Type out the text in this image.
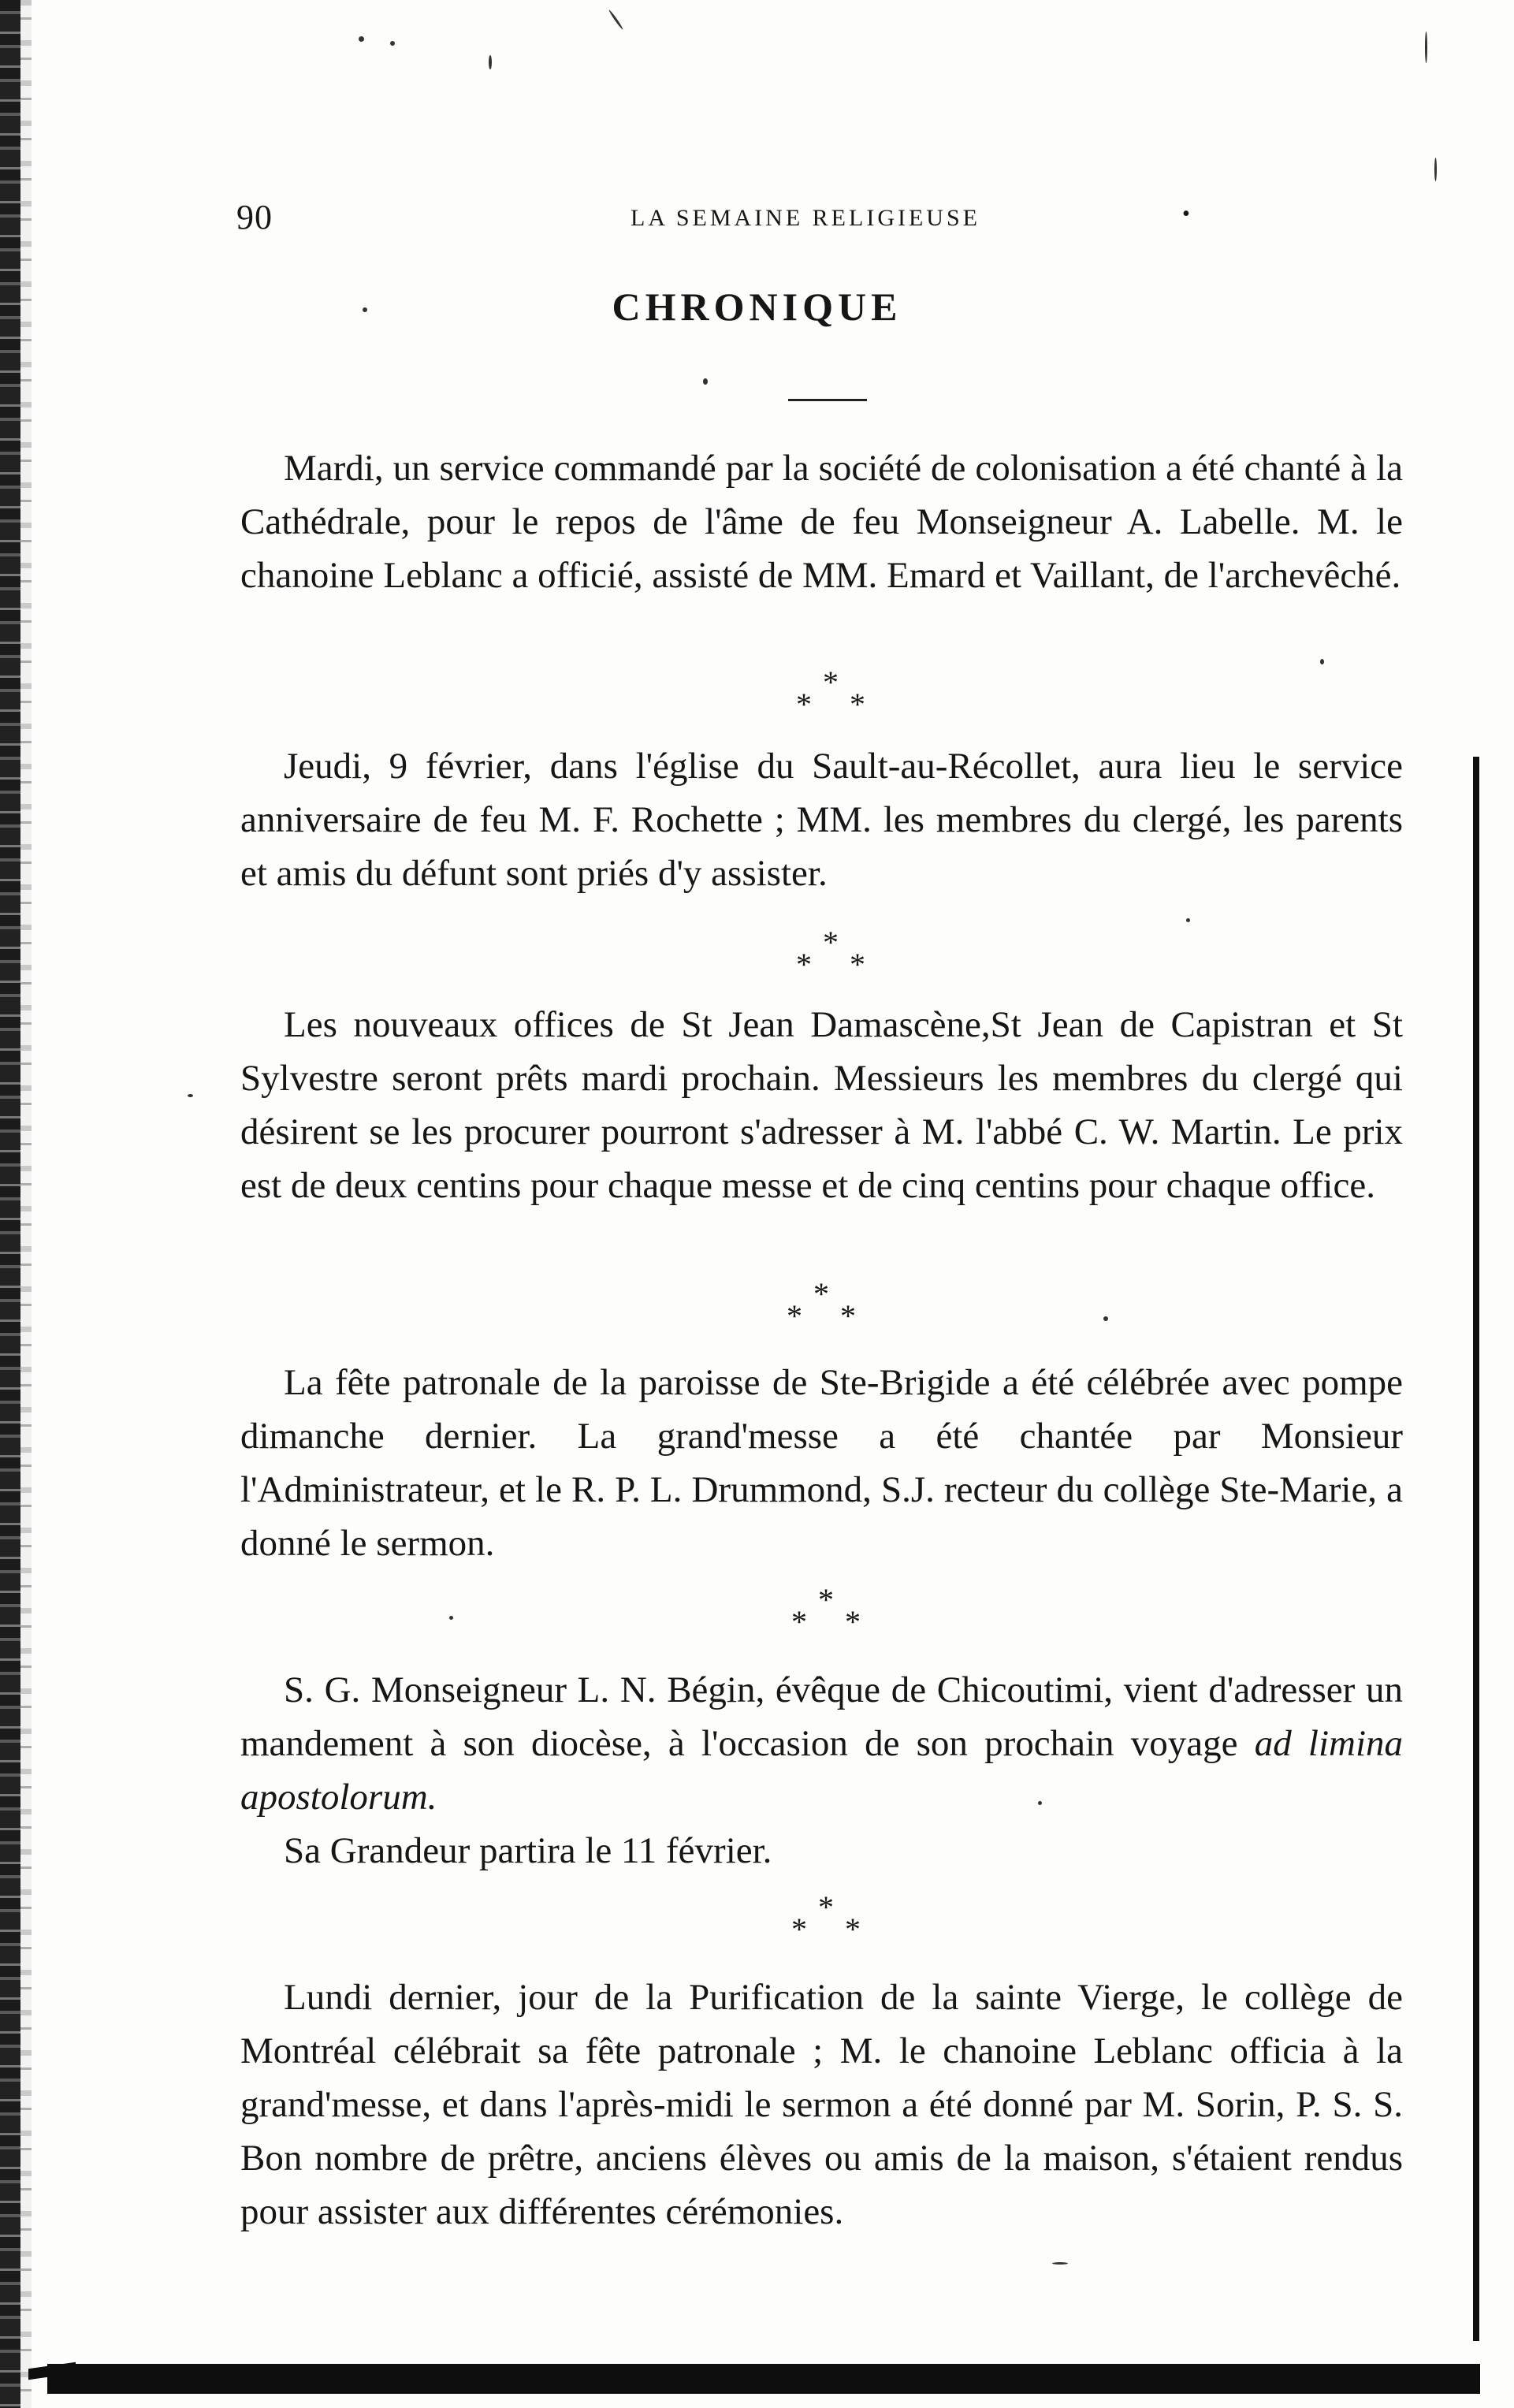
90	LA SEMAINE RELIGIEUSE	•
CHRONIQUE

Mardi, un service commandé par la société de colonisation a été chanté à la Cathédrale, pour le repos de l'âme de feu Monseigneur A. Labelle. M. le chanoine Leblanc a officié, assisté de MM. Emard et Vaillant, de l'archevêché.

*
* *

Jeudi, 9 février, dans l'église du Sault-au-Récollet, aura lieu le service anniversaire de feu M. F. Rochette ; MM. les membres du clergé, les parents et amis du défunt sont priés d'y assister.

*
* *

Les nouveaux offices de St Jean Damascène,St Jean de Capistran et St Sylvestre seront prêts mardi prochain. Messieurs les membres du clergé qui désirent se les procurer pourront s'adresser à M. l'abbé C. W. Martin. Le prix est de deux centins pour chaque messe et de cinq centins pour chaque office.

*
* *

La fête patronale de la paroisse de Ste-Brigide a été célébrée avec pompe dimanche dernier. La grand'messe a été chantée par Monsieur l'Administrateur, et le R. P. L. Drummond, S.J. recteur du collège Ste-Marie, a donné le sermon.

*
* *

S. G. Monseigneur L. N. Bégin, évêque de Chicoutimi, vient d'adresser un mandement à son diocèse, à l'occasion de son prochain voyage ad limina apostolorum.

Sa Grandeur partira le 11 février.

*
* *

Lundi dernier, jour de la Purification de la sainte Vierge, le collège de Montréal célébrait sa fête patronale ; M. le chanoine Leblanc officia à la grand'messe, et dans l'après-midi le sermon a été donné par M. Sorin, P. S. S. Bon nombre de prêtre, anciens élèves ou amis de la maison, s'étaient rendus pour assister aux différentes cérémonies.
